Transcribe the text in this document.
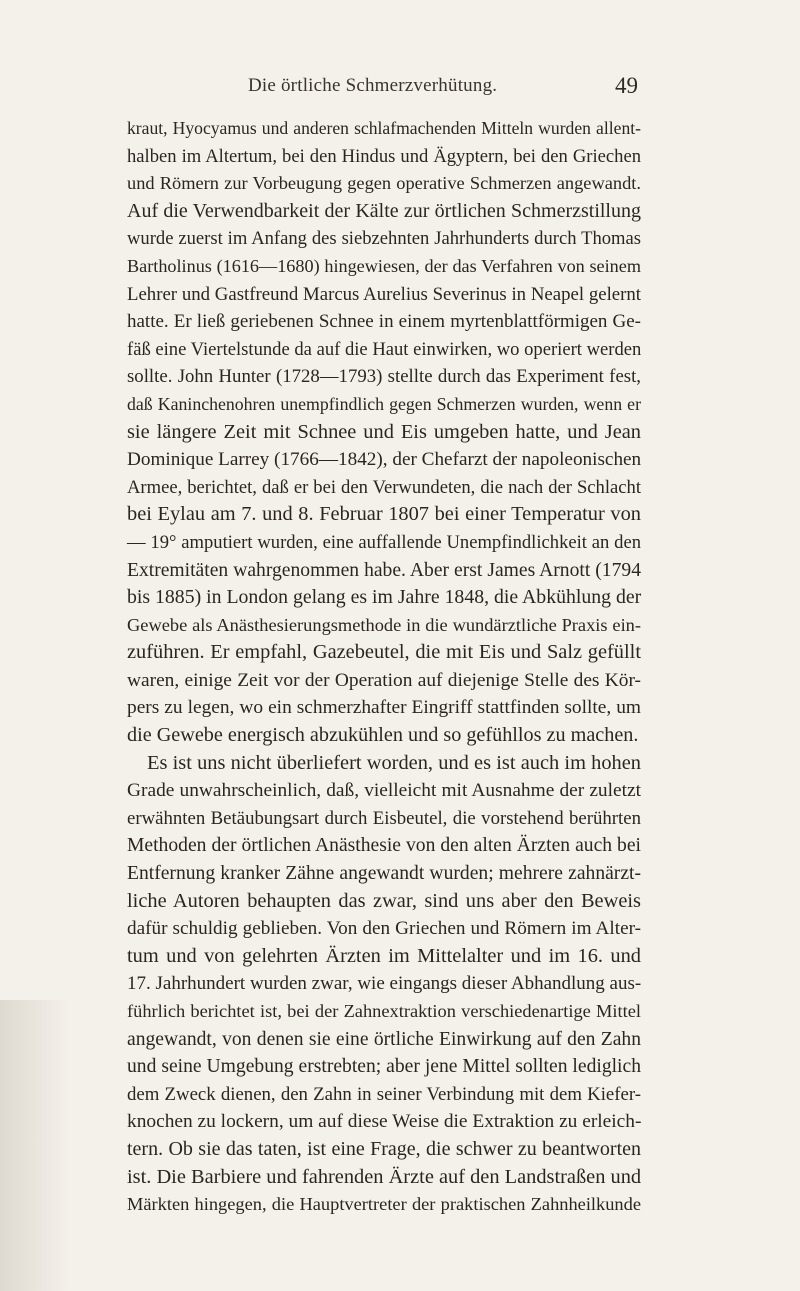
Die örtliche Schmerzverhütung.	49
kraut, Hyocyamus und anderen schlafmachenden Mitteln wurden allent-
halben im Altertum, bei den Hindus und Ägyptern, bei den Griechen
und Römern zur Vorbeugung gegen operative Schmerzen angewandt.
Auf die Verwendbarkeit der Kälte zur örtlichen Schmerzstillung
wurde zuerst im Anfang des siebzehnten Jahrhunderts durch Thomas
Bartholinus (1616—1680) hingewiesen, der das Verfahren von seinem
Lehrer und Gastfreund Marcus Aurelius Severinus in Neapel gelernt
hatte. Er ließ geriebenen Schnee in einem myrtenblattförmigen Ge-
fäß eine Viertelstunde da auf die Haut einwirken, wo operiert werden
sollte. John Hunter (1728—1793) stellte durch das Experiment fest,
daß Kaninchenohren unempfindlich gegen Schmerzen wurden, wenn er
sie längere Zeit mit Schnee und Eis umgeben hatte, und Jean
Dominique Larrey (1766—1842), der Chefarzt der napoleonischen
Armee, berichtet, daß er bei den Verwundeten, die nach der Schlacht
bei Eylau am 7. und 8. Februar 1807 bei einer Temperatur von
— 19° amputiert wurden, eine auffallende Unempfindlichkeit an den
Extremitäten wahrgenommen habe. Aber erst James Arnott (1794
bis 1885) in London gelang es im Jahre 1848, die Abkühlung der
Gewebe als Anästhesierungsmethode in die wundärztliche Praxis ein-
zuführen. Er empfahl, Gazebeutel, die mit Eis und Salz gefüllt
waren, einige Zeit vor der Operation auf diejenige Stelle des Kör-
pers zu legen, wo ein schmerzhafter Eingriff stattfinden sollte, um
die Gewebe energisch abzukühlen und so gefühllos zu machen.
Es ist uns nicht überliefert worden, und es ist auch im hohen
Grade unwahrscheinlich, daß, vielleicht mit Ausnahme der zuletzt
erwähnten Betäubungsart durch Eisbeutel, die vorstehend berührten
Methoden der örtlichen Anästhesie von den alten Ärzten auch bei
Entfernung kranker Zähne angewandt wurden; mehrere zahnärzt-
liche Autoren behaupten das zwar, sind uns aber den Beweis
dafür schuldig geblieben. Von den Griechen und Römern im Alter-
tum und von gelehrten Ärzten im Mittelalter und im 16. und
17. Jahrhundert wurden zwar, wie eingangs dieser Abhandlung aus-
führlich berichtet ist, bei der Zahnextraktion verschiedenartige Mittel
angewandt, von denen sie eine örtliche Einwirkung auf den Zahn
und seine Umgebung erstrebten; aber jene Mittel sollten lediglich
dem Zweck dienen, den Zahn in seiner Verbindung mit dem Kiefer-
knochen zu lockern, um auf diese Weise die Extraktion zu erleich-
tern. Ob sie das taten, ist eine Frage, die schwer zu beantworten
ist. Die Barbiere und fahrenden Ärzte auf den Landstraßen und
Märkten hingegen, die Hauptvertreter der praktischen Zahnheilkunde
